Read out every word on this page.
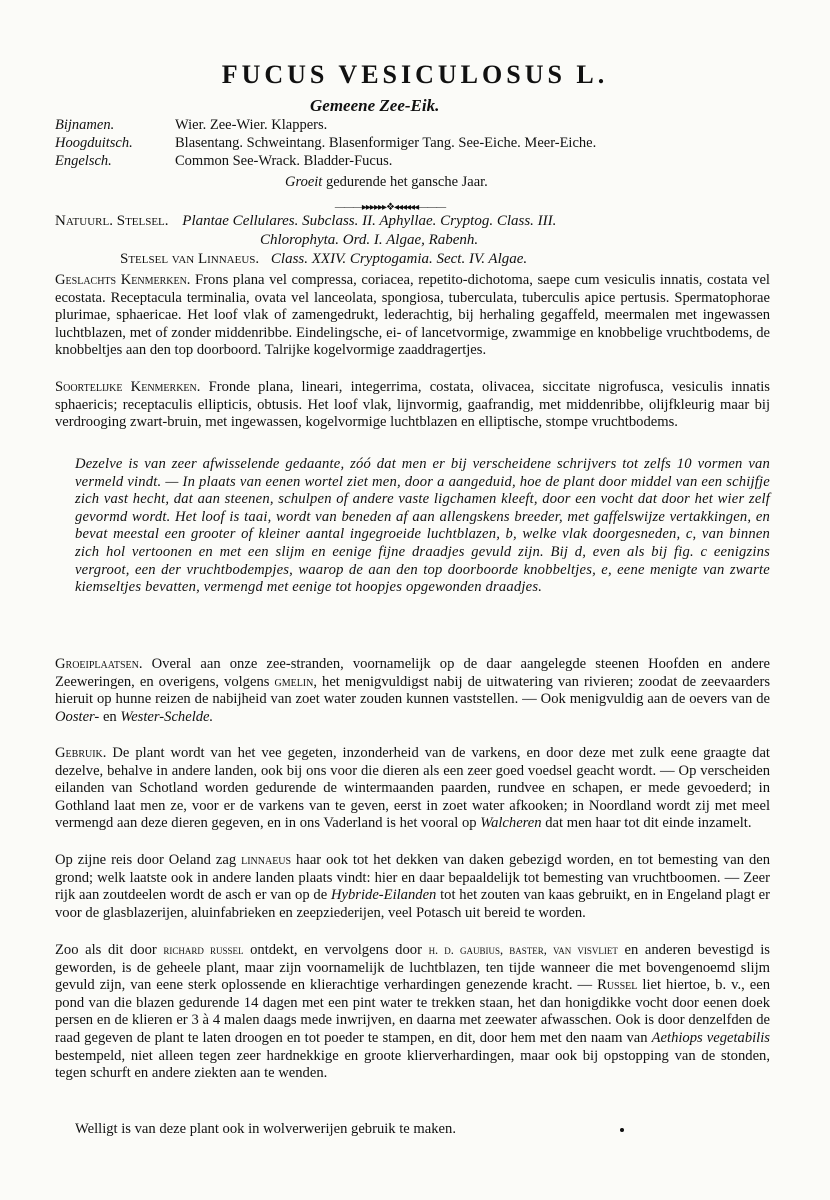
FUCUS VESICULOSUS L.
Gemeene Zee-Eik.
Bijnamen.	Wier. Zee-Wier. Klappers.
Hoogduitsch.	Blasentang. Schweintang. Blasenformiger Tang. See-Eiche. Meer-Eiche.
Engelsch.	Common See-Wrack. Bladder-Fucus.
Groeit gedurende het gansche Jaar.
———▸▸▸▸▸▸❖◂◂◂◂◂◂———
Natuurl. Stelsel. Plantae Cellulares. Subclass. II. Aphyllae. Cryptog. Class. III.
Chlorophyta. Ord. I. Algae, Rabenh.
Stelsel van Linnaeus. Class. XXIV. Cryptogamia. Sect. IV. Algae.
Geslachts Kenmerken. Frons plana vel compressa, coriacea, repetito-dichotoma, saepe cum vesiculis innatis, costata vel ecostata. Receptacula terminalia, ovata vel lanceolata, spongiosa, tuberculata, tuberculis apice pertusis. Spermatophorae plurimae, sphaericae. Het loof vlak of zamengedrukt, lederachtig, bij herhaling gegaffeld, meermalen met ingewassen luchtblazen, met of zonder middenribbe. Eindelingsche, ei- of lancetvormige, zwammige en knobbelige vruchtbodems, de knobbeltjes aan den top doorboord. Talrijke kogelvormige zaaddragertjes.
Soortelijke Kenmerken. Fronde plana, lineari, integerrima, costata, olivacea, siccitate nigrofusca, vesiculis innatis sphaericis; receptaculis ellipticis, obtusis. Het loof vlak, lijnvormig, gaafrandig, met middenribbe, olijfkleurig maar bij verdrooging zwart-bruin, met ingewassen, kogelvormige luchtblazen en elliptische, stompe vruchtbodems.
Dezelve is van zeer afwisselende gedaante, zóó dat men er bij verscheidene schrijvers tot zelfs 10 vormen van vermeld vindt. — In plaats van eenen wortel ziet men, door a aangeduid, hoe de plant door middel van een schijfje zich vast hecht, dat aan steenen, schulpen of andere vaste ligchamen kleeft, door een vocht dat door het wier zelf gevormd wordt. Het loof is taai, wordt van beneden af aan allengskens breeder, met gaffelswijze vertakkingen, en bevat meestal een grooter of kleiner aantal ingegroeide luchtblazen, b, welke vlak doorgesneden, c, van binnen zich hol vertoonen en met een slijm en eenige fijne draadjes gevuld zijn. Bij d, even als bij fig. c eenigzins vergroot, een der vruchtbodempjes, waarop de aan den top doorboorde knobbeltjes, e, eene menigte van zwarte kiemseltjes bevatten, vermengd met eenige tot hoopjes opgewonden draadjes.
Groeiplaatsen. Overal aan onze zee-stranden, voornamelijk op de daar aangelegde steenen Hoofden en andere Zeeweringen, en overigens, volgens gmelin, het menigvuldigst nabij de uitwatering van rivieren; zoodat de zeevaarders hieruit op hunne reizen de nabijheid van zoet water zouden kunnen vaststellen. — Ook menigvuldig aan de oevers van de Ooster- en Wester-Schelde.
Gebruik. De plant wordt van het vee gegeten, inzonderheid van de varkens, en door deze met zulk eene graagte dat dezelve, behalve in andere landen, ook bij ons voor die dieren als een zeer goed voedsel geacht wordt. — Op verscheiden eilanden van Schotland worden gedurende de wintermaanden paarden, rundvee en schapen, er mede gevoederd; in Gothland laat men ze, voor er de varkens van te geven, eerst in zoet water afkooken; in Noordland wordt zij met meel vermengd aan deze dieren gegeven, en in ons Vaderland is het vooral op Walcheren dat men haar tot dit einde inzamelt.
Op zijne reis door Oeland zag linnaeus haar ook tot het dekken van daken gebezigd worden, en tot bemesting van den grond; welk laatste ook in andere landen plaats vindt: hier en daar bepaaldelijk tot bemesting van vruchtboomen. — Zeer rijk aan zoutdeelen wordt de asch er van op de Hybride-Eilanden tot het zouten van kaas gebruikt, en in Engeland plagt er voor de glasblazerijen, aluinfabrieken en zeepziederijen, veel Potasch uit bereid te worden.
Zoo als dit door richard russel ontdekt, en vervolgens door h. d. gaubius, baster, van visvliet en anderen bevestigd is geworden, is de geheele plant, maar zijn voornamelijk de luchtblazen, ten tijde wanneer die met bovengenoemd slijm gevuld zijn, van eene sterk oplossende en klierachtige verhardingen genezende kracht. — Russel liet hiertoe, b. v., een pond van die blazen gedurende 14 dagen met een pint water te trekken staan, het dan honigdikke vocht door eenen doek persen en de klieren er 3 à 4 malen daags mede inwrijven, en daarna met zeewater afwasschen. Ook is door denzelfden de raad gegeven de plant te laten droogen en tot poeder te stampen, en dit, door hem met den naam van Aethiops vegetabilis bestempeld, niet alleen tegen zeer hardnekkige en groote klierverhardingen, maar ook bij opstopping van de stonden, tegen schurft en andere ziekten aan te wenden.
Welligt is van deze plant ook in wolverwerijen gebruik te maken.
